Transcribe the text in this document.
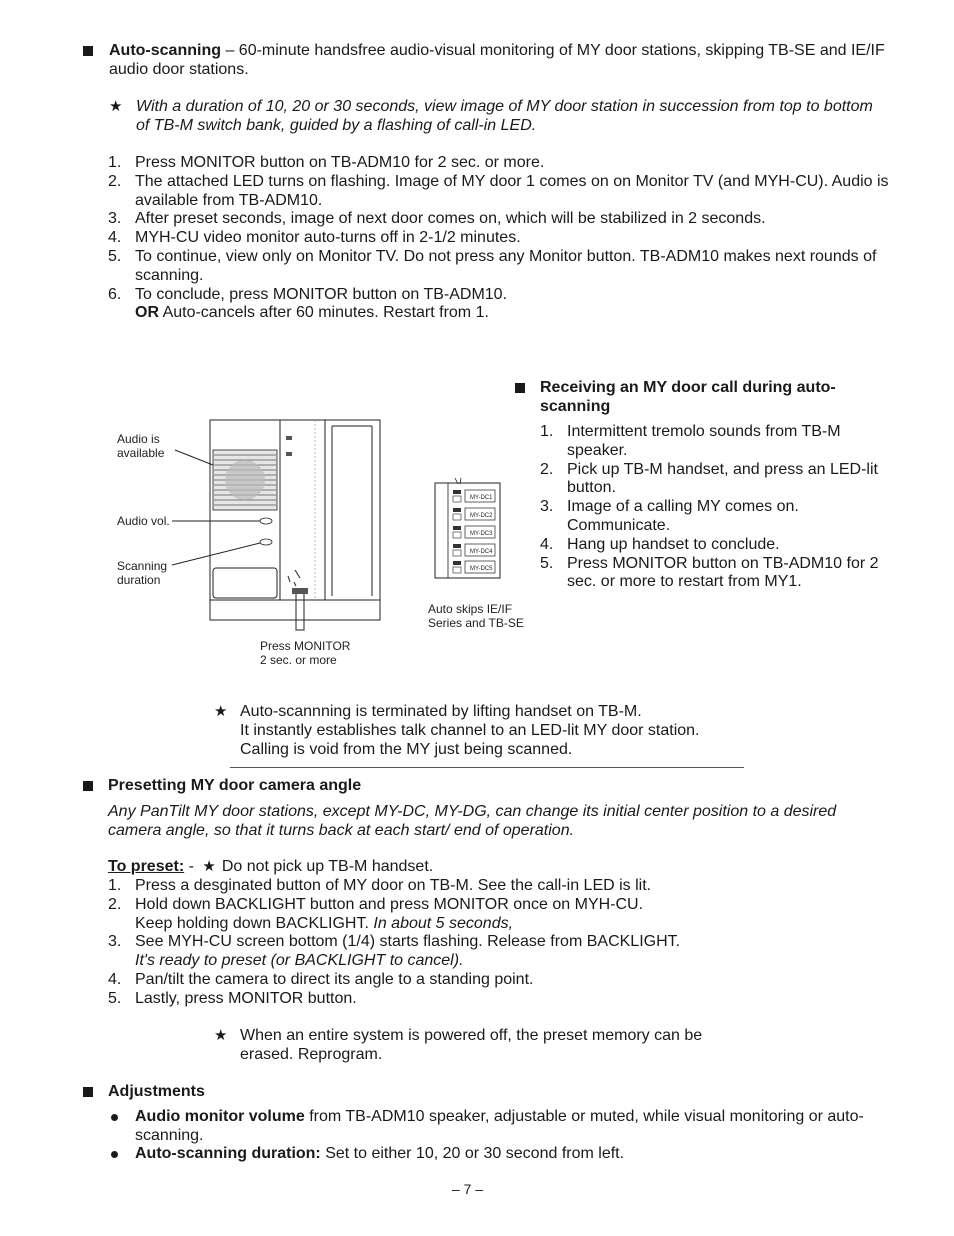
Auto-scanning – 60-minute handsfree audio-visual monitoring of MY door stations, skipping TB-SE and IE/IF audio door stations.
★ With a duration of 10, 20 or 30 seconds, view image of MY door station in succession from top to bottom of TB-M switch bank, guided by a flashing of call-in LED.
1. Press MONITOR button on TB-ADM10 for 2 sec. or more.
2. The attached LED turns on flashing. Image of MY door 1 comes on on Monitor TV (and MYH-CU). Audio is available from TB-ADM10.
3. After preset seconds, image of next door comes on, which will be stabilized in 2 seconds.
4. MYH-CU video monitor auto-turns off in 2-1/2 minutes.
5. To continue, view only on Monitor TV. Do not press any Monitor button. TB-ADM10 makes next rounds of scanning.
6. To conclude, press MONITOR button on TB-ADM10.
OR Auto-cancels after 60 minutes. Restart from 1.
Audio is
available
Audio vol.
Scanning
duration
Press MONITOR
2 sec. or more
MY-DC1
MY-DC2
MY-DC3
MY-DC4
MY-DC5
Auto skips IE/IF
Series and TB-SE
Receiving an MY door call during auto-scanning
1. Intermittent tremolo sounds from TB-M speaker.
2. Pick up TB-M handset, and press an LED-lit button.
3. Image of a calling MY comes on. Communicate.
4. Hang up handset to conclude.
5. Press MONITOR button on TB-ADM10 for 2 sec. or more to restart from MY1.
★ Auto-scannning is terminated by lifting handset on TB-M.
It instantly establishes talk channel to an LED-lit MY door station.
Calling is void from the MY just being scanned.
Presetting MY door camera angle
Any PanTilt MY door stations, except MY-DC, MY-DG, can change its initial center position to a desired camera angle, so that it turns back at each start/ end of operation.
To preset: - ★ Do not pick up TB-M handset.
1. Press a desginated button of MY door on TB-M. See the call-in LED is lit.
2. Hold down BACKLIGHT button and press MONITOR once on MYH-CU.
Keep holding down BACKLIGHT. In about 5 seconds,
3. See MYH-CU screen bottom (1/4) starts flashing. Release from BACKLIGHT.
It's ready to preset (or BACKLIGHT to cancel).
4. Pan/tilt the camera to direct its angle to a standing point.
5. Lastly, press MONITOR button.
★ When an entire system is powered off, the preset memory can be
erased. Reprogram.
Adjustments
Audio monitor volume from TB-ADM10 speaker, adjustable or muted, while visual monitoring or auto-scanning.
Auto-scanning duration: Set to either 10, 20 or 30 second from left.
– 7 –
